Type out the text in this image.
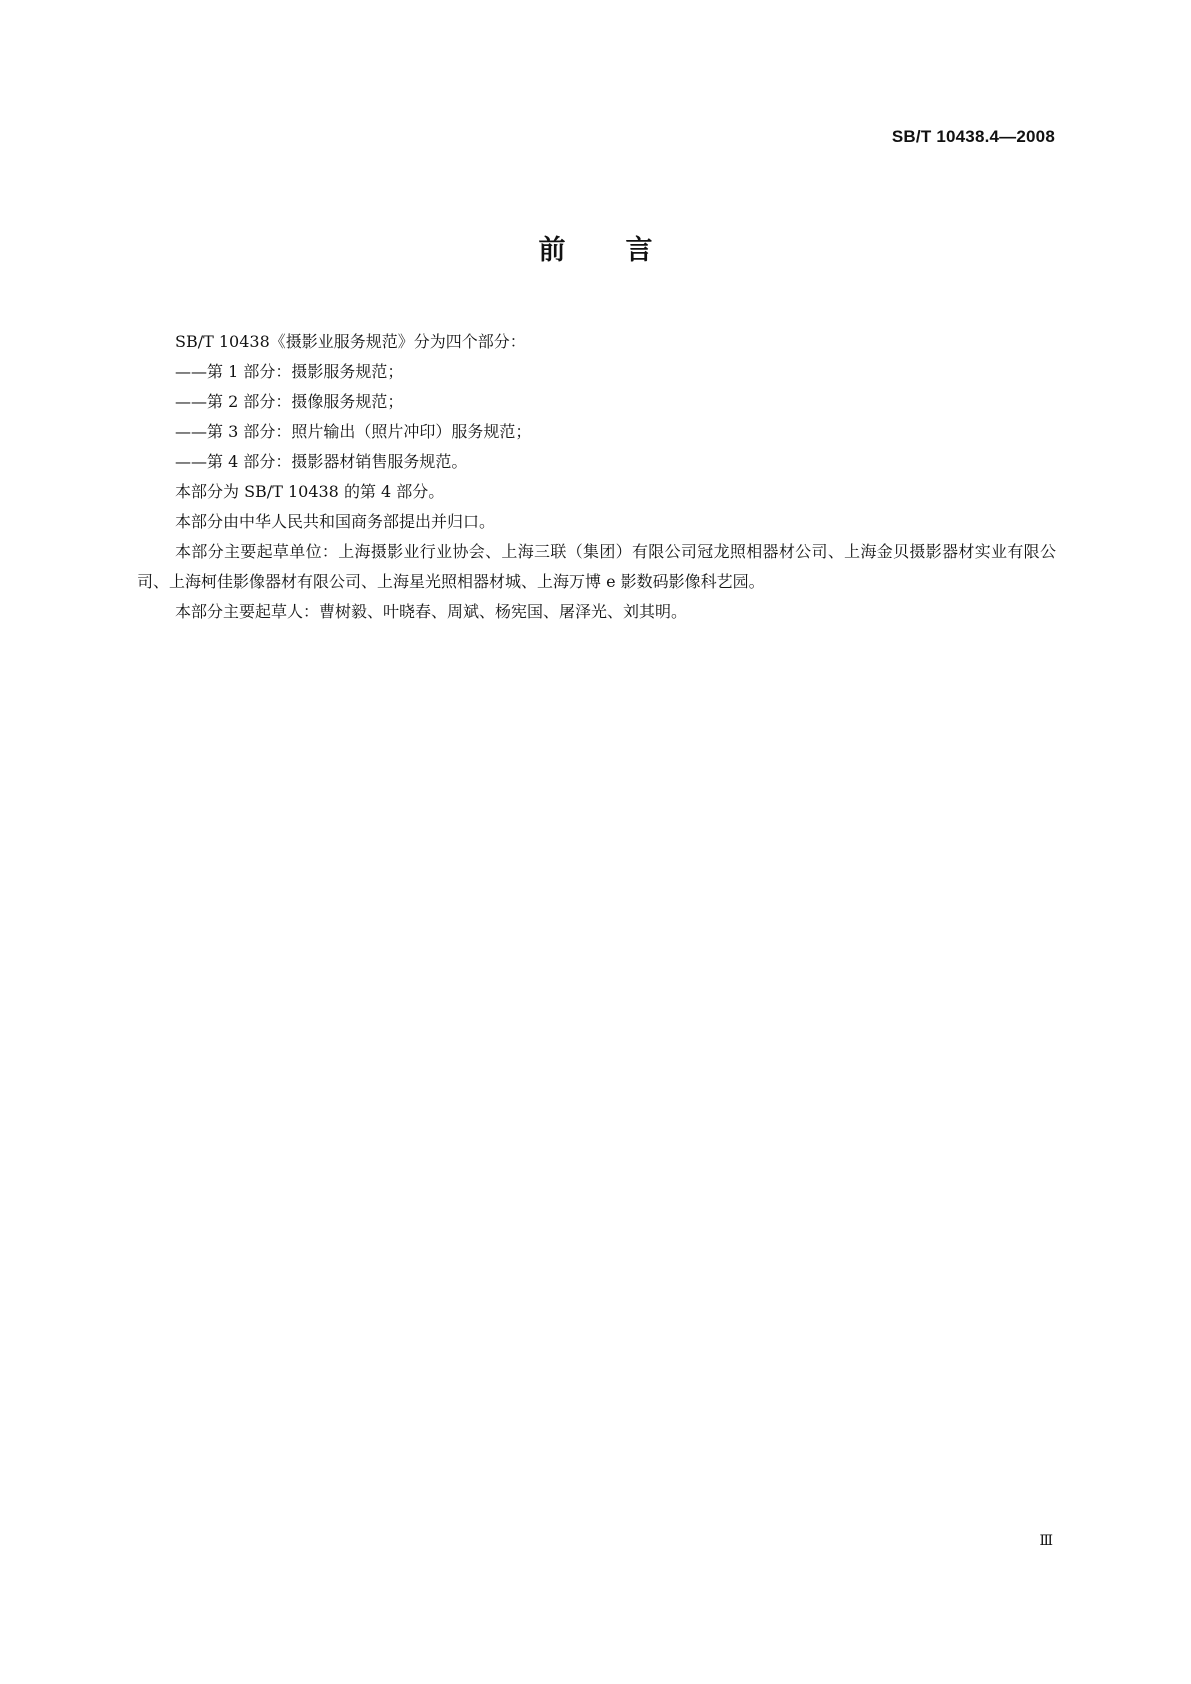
SB/T 10438.4—2008
前言

SB/T 10438《摄影业服务规范》分为四个部分：

——第 1 部分：摄影服务规范；

——第 2 部分：摄像服务规范；

——第 3 部分：照片输出（照片冲印）服务规范；

——第 4 部分：摄影器材销售服务规范。

本部分为 SB/T 10438 的第 4 部分。

本部分由中华人民共和国商务部提出并归口。

本部分主要起草单位：上海摄影业行业协会、上海三联（集团）有限公司冠龙照相器材公司、上海金贝摄影器材实业有限公司、上海柯佳影像器材有限公司、上海星光照相器材城、上海万博 e 影数码影像科艺园。

本部分主要起草人：曹树毅、叶晓春、周斌、杨宪国、屠泽光、刘其明。

Ⅲ
